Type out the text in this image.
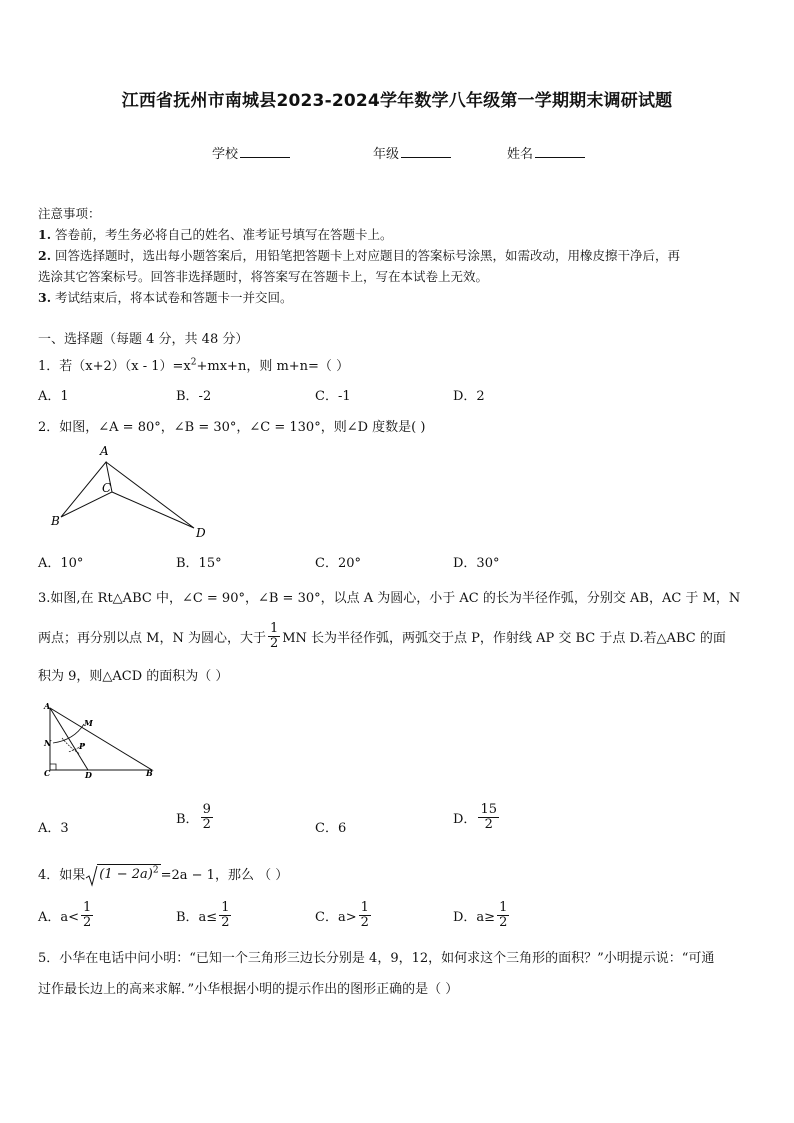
江西省抚州市南城县2023-2024学年数学八年级第一学期期末调研试题
学校	年级	姓名
注意事项：
1. 答卷前，考生务必将自己的姓名、准考证号填写在答题卡上。
2. 回答选择题时，选出每小题答案后，用铅笔把答题卡上对应题目的答案标号涂黑，如需改动，用橡皮擦干净后，再
选涂其它答案标号。回答非选择题时，将答案写在答题卡上，写在本试卷上无效。
3. 考试结束后，将本试卷和答题卡一并交回。
一、选择题（每题 4 分，共 48 分）
1．若$(x+2)(x - 1)=x^2+mx+n$，则 m+n=（ ）
A．1	B．-2	C．-1	D．2
2．如图，∠A = 80°，∠B = 30°，∠C = 130°，则∠D 度数是( )
A
B
C
D
A．10°	B．15°	C．20°	D．30°
3.如图,在 Rt△ABC 中，∠C = 90°，∠B = 30°，以点 A 为圆心，小于 AC 的长为半径作弧，分别交 AB，AC 于 M，N
两点；再分别以点 M，N 为圆心，大于 $\frac{1}{2}$ MN 长为半径作弧，两弧交于点 P，作射线 AP 交 BC 于点 D.若△ABC 的面
积为 9，则△ACD 的面积为（ ）
A
M
N	P
C	D	B
A．3
B． $\frac{9}{2}$	C．6
D． $\frac{15}{2}$
4．如果	$(1 - 2a)^2 =2a - 1$，那么 （ ）
A．$a< \frac{1}{2}$	B．$a\le \frac{1}{2}$	C．$a> \frac{1}{2}$	D．$a\ge \frac{1}{2}$
5．小华在电话中问小明：“已知一个三角形三边长分别是 4，9，12，如何求这个三角形的面积？”小明提示说：“可通
过作最长边上的高来求解．”小华根据小明的提示作出的图形正确的是（ ）
